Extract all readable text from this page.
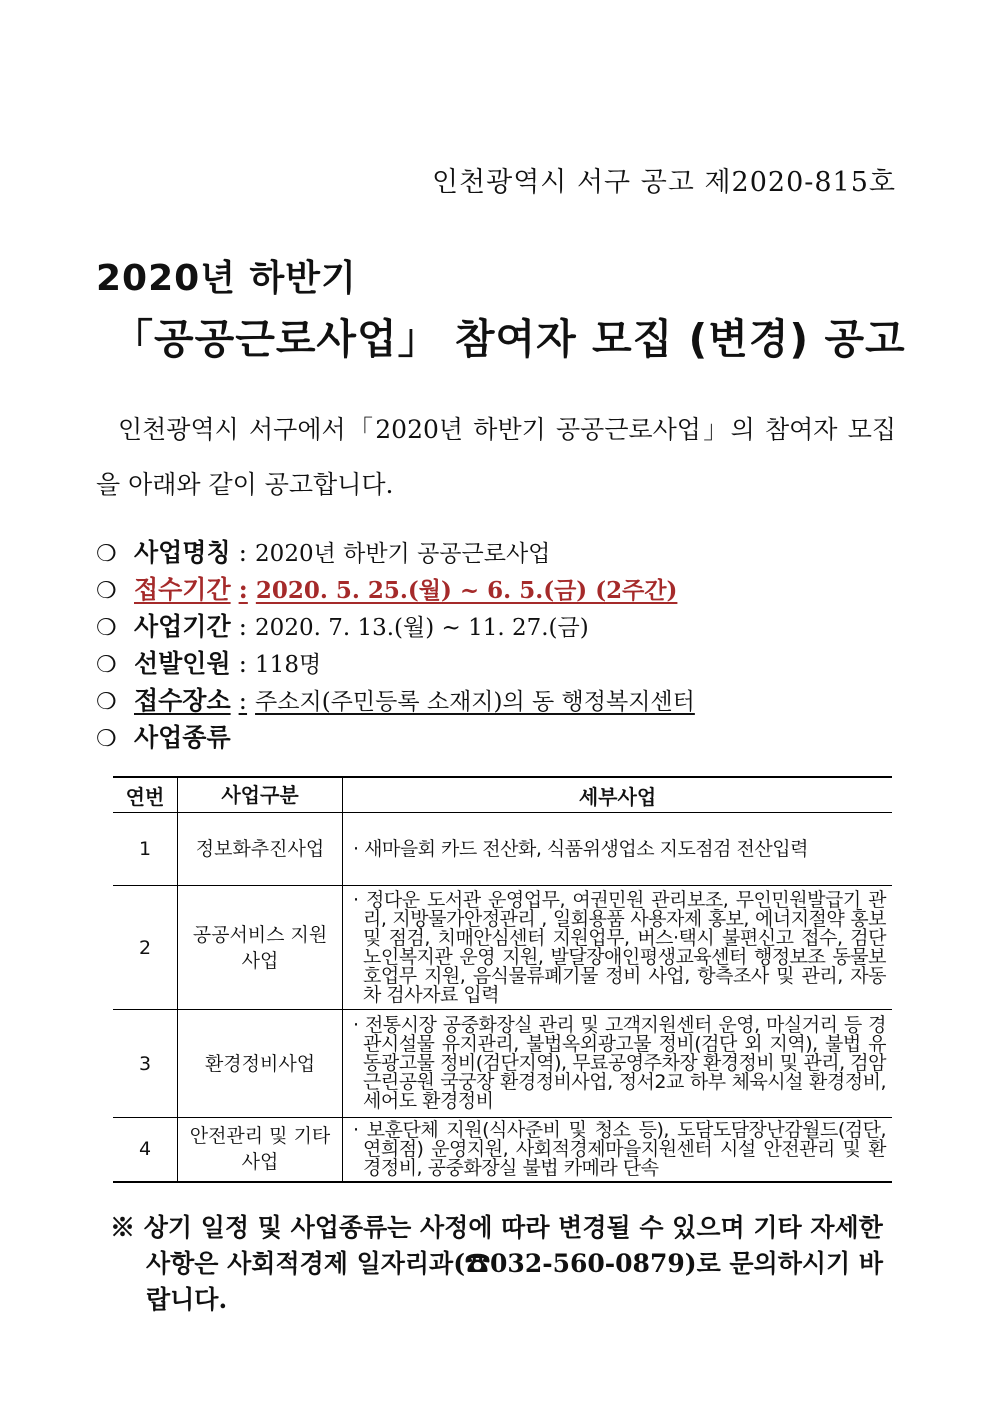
인천광역시 서구 공고 제2020-815호
2020년 하반기
「공공근로사업」 참여자 모집 (변경) 공고
인천광역시 서구에서「2020년 하반기 공공근로사업」의 참여자 모집을 아래와 같이 공고합니다.
❍ 사업명칭 : 2020년 하반기 공공근로사업
❍ 접수기간 : 2020. 5. 25.(월) ~ 6. 5.(금) (2주간)
❍ 사업기간 : 2020. 7. 13.(월) ~ 11. 27.(금)
❍ 선발인원 : 118명
❍ 접수장소 : 주소지(주민등록 소재지)의 동 행정복지센터
❍ 사업종류
연번	사업구분	세부사업
1	정보화추진사업	· 새마을회 카드 전산화, 식품위생업소 지도점검 전산입력

2	공공서비스 지원사업	· 정다운 도서관 운영업무, 여권민원 관리보조, 무인민원발급기 관리, 지방물가안정관리 , 일회용품 사용자제 홍보, 에너지절약 홍보 및 점검, 치매안심센터 지원업무, 버스·택시 불편신고 접수, 검단노인복지관 운영 지원, 발달장애인평생교육센터 행정보조 동물보호업무 지원, 음식물류폐기물 정비 사업, 항측조사 및 관리, 자동차 검사자료 입력

3	환경정비사업	· 전통시장 공중화장실 관리 및 고객지원센터 운영, 마실거리 등 경관시설물 유지관리, 불법옥외광고물 정비(검단 외 지역), 불법 유동광고물 정비(검단지역), 무료공영주차장 환경정비 및 관리, 검암 근린공원 국궁장 환경정비사업, 정서2교 하부 체육시설 환경정비, 세어도 환경정비

4	안전관리 및 기타사업	· 보훈단체 지원(식사준비 및 청소 등), 도담도담장난감월드(검단, 연희점) 운영지원, 사회적경제마을지원센터 시설 안전관리 및 환경정비, 공중화장실 불법 카메라 단속
※ 상기 일정 및 사업종류는 사정에 따라 변경될 수 있으며 기타 자세한
사항은 사회적경제 일자리과(☎032-560-0879)로 문의하시기 바랍니다.
